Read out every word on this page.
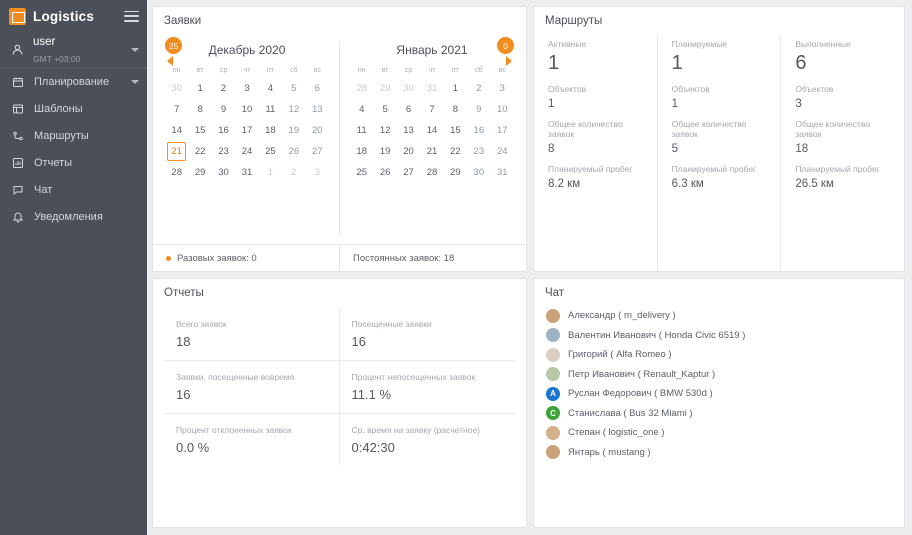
Logistics
user
GMT +03:00
Планирование
Шаблоны
Маршруты
Отчеты
Чат
Уведомления
Заявки
25	Декабрь 2020
пн	вт	ср	чт	пт	сб	вс
30	1	2	3	4	5	6
7	8	9	10	11	12	13
14	15	16	17	18	19	20
21	22	23	24	25	26	27
28	29	30	31	1	2	3
0
Январь 2021
пн	вт	ср	чт	пт	сб	вс
28	29	30	31	1	2	3
4	5	6	7	8	9	10
11	12	13	14	15	16	17
18	19	20	21	22	23	24
25	26	27	28	29	30	31
Разовых заявок: 0	Постоянных заявок: 18
Маршруты
Активные
1
Объектов
1
Общее количество заявок
8
Планируемый пробег
8.2 км
Планируемые
1
Объектов
1
Общее количество заявок
5
Планируемый пробег
6.3 км
Выполненные
6
Объектов
3
Общее количество заявок
18
Планируемый пробег
26.5 км
Отчеты
Всего заявок
18
Посещенные заявки
16
Заявки, посещенные вовремя
16
Процент непосещенных заявок
11.1 %
Процент отклоненных заявок
0.0 %
Ср. время на заявку (расчетное)
0:42:30
Чат
Александр ( m_delivery )
Валентин Иванович ( Honda Civic 6519 )
Григорий ( Alfa Romeo )
Петр Иванович ( Renault_Kaptur )
A	Руслан Федорович ( BMW 530d )
C	Станислава ( Bus 32 Miami )
Степан ( logistic_one )
Янтарь ( mustang )
